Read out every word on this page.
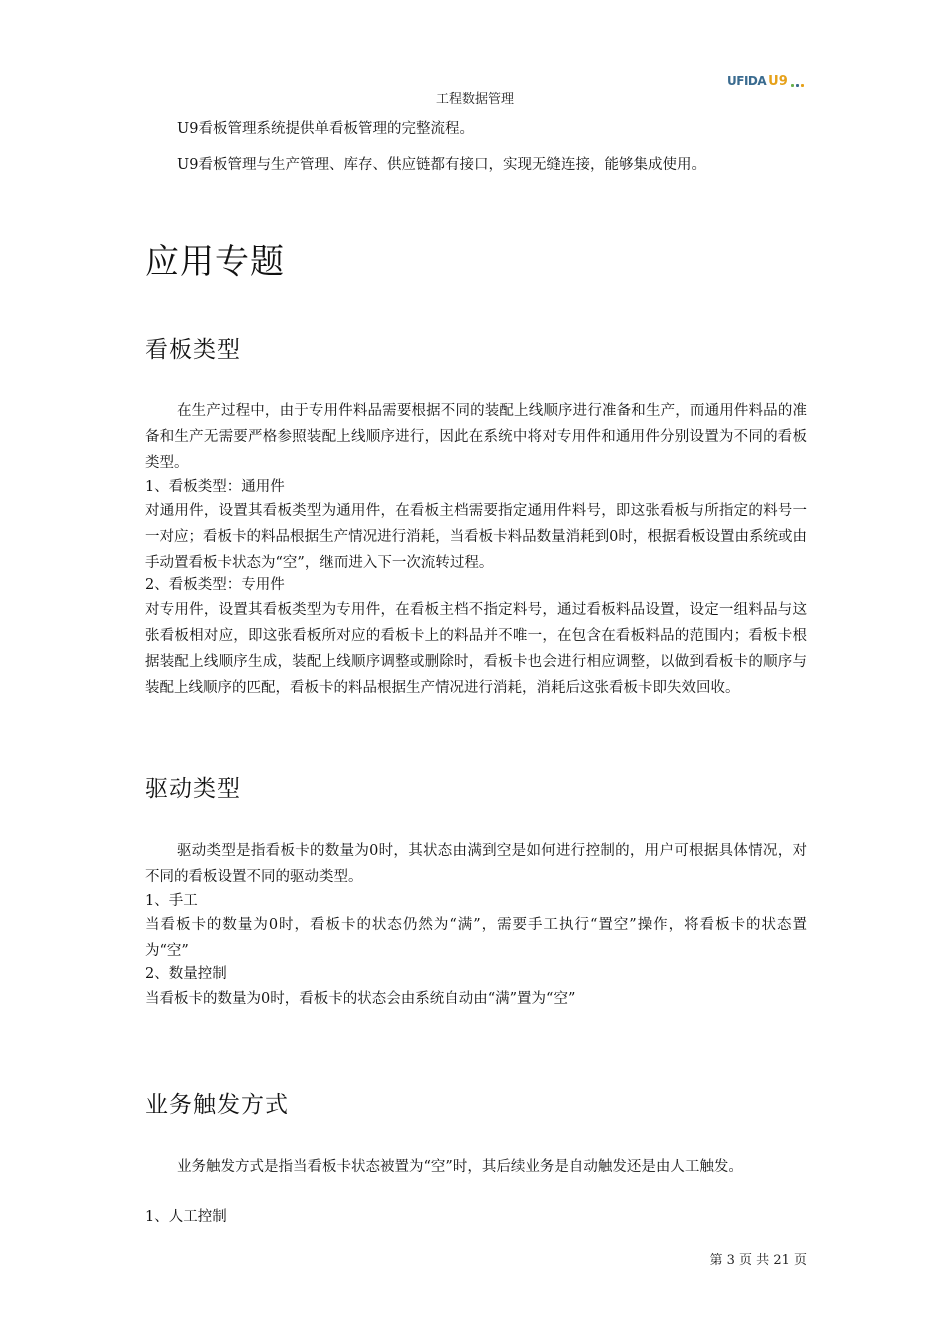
工程数据管理
UFIDA U9
U9看板管理系统提供单看板管理的完整流程。
U9看板管理与生产管理、库存、供应链都有接口，实现无缝连接，能够集成使用。
应用专题
看板类型
在生产过程中，由于专用件料品需要根据不同的装配上线顺序进行准备和生产，而通用件料品的准备和生产无需要严格参照装配上线顺序进行，因此在系统中将对专用件和通用件分别设置为不同的看板类型。
1、看板类型：通用件
对通用件，设置其看板类型为通用件，在看板主档需要指定通用件料号，即这张看板与所指定的料号一一对应；看板卡的料品根据生产情况进行消耗，当看板卡料品数量消耗到0时，根据看板设置由系统或由手动置看板卡状态为“空”，继而进入下一次流转过程。
2、看板类型：专用件
对专用件，设置其看板类型为专用件，在看板主档不指定料号，通过看板料品设置，设定一组料品与这张看板相对应，即这张看板所对应的看板卡上的料品并不唯一，在包含在看板料品的范围内；看板卡根据装配上线顺序生成，装配上线顺序调整或删除时，看板卡也会进行相应调整，以做到看板卡的顺序与装配上线顺序的匹配，看板卡的料品根据生产情况进行消耗，消耗后这张看板卡即失效回收。
驱动类型
驱动类型是指看板卡的数量为0时，其状态由满到空是如何进行控制的，用户可根据具体情况，对不同的看板设置不同的驱动类型。
1、手工
当看板卡的数量为0时，看板卡的状态仍然为“满”，需要手工执行“置空”操作，将看板卡的状态置为“空”
2、数量控制
当看板卡的数量为0时，看板卡的状态会由系统自动由“满”置为“空”
业务触发方式
业务触发方式是指当看板卡状态被置为“空”时，其后续业务是自动触发还是由人工触发。
1、人工控制
第 3 页 共 21 页
